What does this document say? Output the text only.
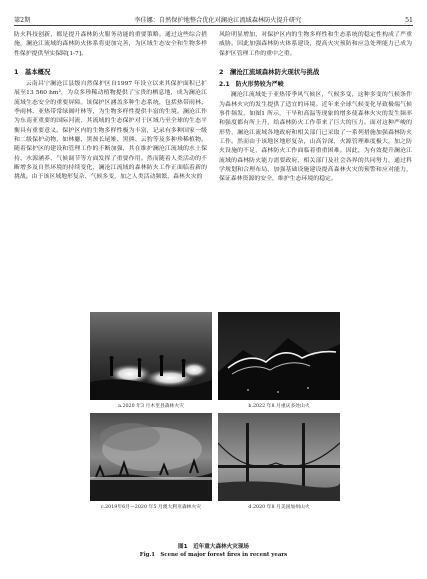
第2期	李佳娜：自然保护地整合优化对澜沧江流域森林防火提升研究	51

防火科技创新，都是提升森林防火服务功能的重要策略。通过这些综合措施，澜沧江流域的森林防火体系将更加完善，为区域生态安全和生物多样性保护提供坚实保障[1-7]。

1　基本概况

云南昌宁澜沧江县级自然保护区自1997 年设立以来其保护面积已扩展至13 560 hm²，为众多珍稀动植物提供了宝贵的栖息地，成为澜沧江流域生态安全的重要屏障。该保护区涵盖多种生态系统，包括热带雨林、季雨林、亚热带常绿阔叶林等，为生物多样性提供丰富的生境。澜沧江作为东南亚重要的国际河流，其流域的生态保护对于区域乃至全球的生态平衡具有重要意义。保护区内的生物多样性极为丰富，记录有多种国家一级和二级保护动物，如林麝、黑颈长尾雉、黑熊、云豹等及多种珍稀植物。随着保护区的建设和管理工作的不断加强，其在维护澜沧江流域的水土保持、水源涵养、气候调节等方面发挥了重要作用。然而随着人类活动的不断增多及自然环境的持续变化，澜沧江流域的森林防火工作正面临着新的挑战。由于该区域地形复杂、气候多变，加之人类活动频繁，森林火灾的

风险明显增加，对保护区内的生物多样性和生态系统的稳定性构成了严重威胁。因此加强森林防火体系建设，提高火灾预防和应急处理能力已成为保护区管理工作的重中之重。

2　澜沧江流域森林防火现状与挑战
2.1　防火形势较为严峻

澜沧江流域处于亚热带季风气候区，气候多变，这种多变的气候条件为森林火灾的发生提供了适宜的环境。近年来全球气候变化导致极端气候事件频发，如图1 所示，干旱和高温等现象的增多使森林火灾的发生频率和强度都有所上升，给森林防火工作带来了巨大的压力。面对这种严峻的形势，澜沧江流域各地政府和相关部门已采取了一系列措施加强森林防火工作。然而由于该地区地形复杂，山高谷深，火源管理难度极大，加之防火设施的不足，森林防火工作面临着重重困难。因此，为有效提升澜沧江流域的森林防火能力需要政府、相关部门及社会各界的共同努力，通过科学规划和合理布局，加强基础设施建设提高森林火灾的预警和应对能力，保证森林资源的安全，维护生态环境的稳定。

a.2020 年3 月木里县森林火灾	b.2022 年8 月重庆多处山火
c.2019年6月—2020 年5 月澳大利亚森林火灾	d.2020 年8 月美国加州山火
图1　近年重大森林火灾现场
Fig.1　Scene of major forest fires in recent years
